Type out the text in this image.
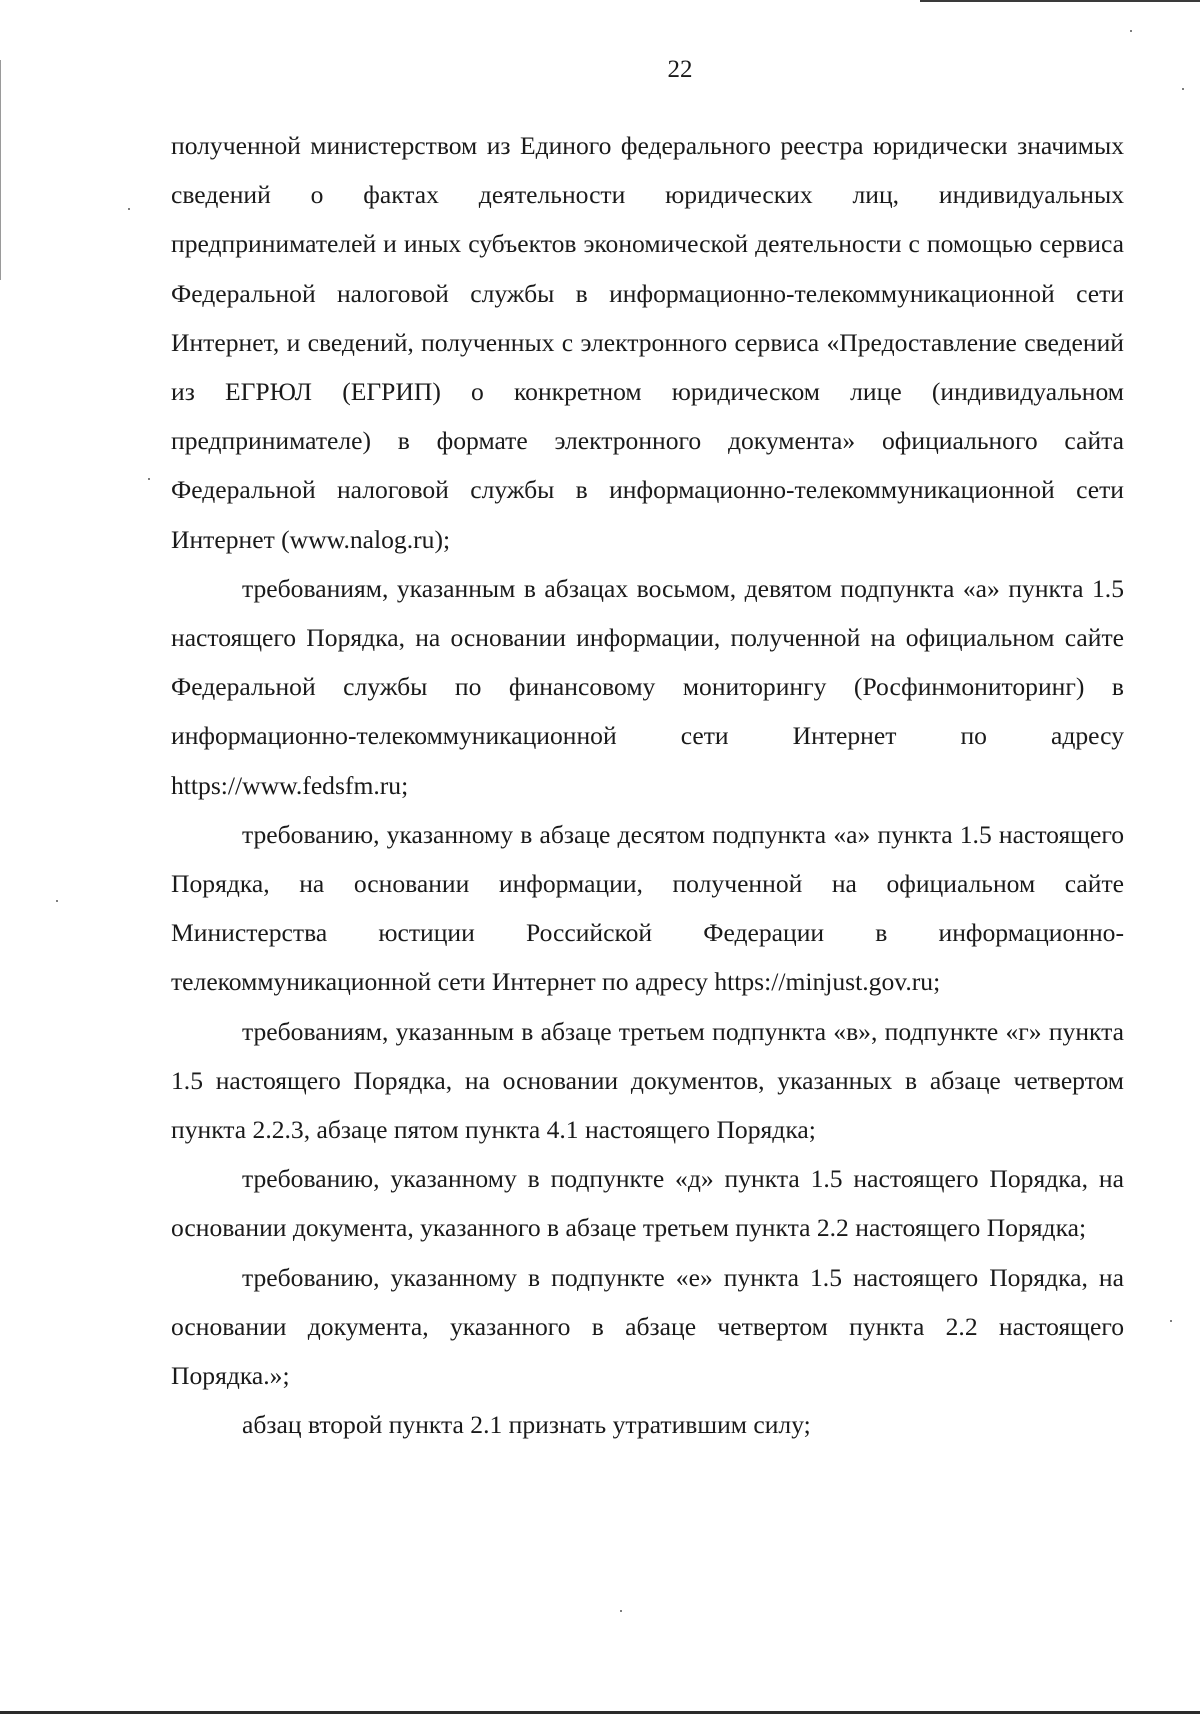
22

полученной министерством из Единого федерального реестра юридически значимых сведений о фактах деятельности юридических лиц, индивидуальных предпринимателей и иных субъектов экономической деятельности с помощью сервиса Федеральной налоговой службы в информационно-телекоммуникационной сети Интернет, и сведений, полученных с электронного сервиса «Предоставление сведений из ЕГРЮЛ (ЕГРИП) о конкретном юридическом лице (индивидуальном предпринимателе) в формате электронного документа» официального сайта Федеральной налоговой службы в информационно-телекоммуникационной сети Интернет (www.nalog.ru);

требованиям, указанным в абзацах восьмом, девятом подпункта «а» пункта 1.5 настоящего Порядка, на основании информации, полученной на официальном сайте Федеральной службы по финансовому мониторингу (Росфинмониторинг) в информационно-телекоммуникационной сети Интернет по адресу https://www.fedsfm.ru;

требованию, указанному в абзаце десятом подпункта «а» пункта 1.5 настоящего Порядка, на основании информации, полученной на официальном сайте Министерства юстиции Российской Федерации в информационно-телекоммуникационной сети Интернет по адресу https://minjust.gov.ru;

требованиям, указанным в абзаце третьем подпункта «в», подпункте «г» пункта 1.5 настоящего Порядка, на основании документов, указанных в абзаце четвертом пункта 2.2.3, абзаце пятом пункта 4.1 настоящего Порядка;

требованию, указанному в подпункте «д» пункта 1.5 настоящего Порядка, на основании документа, указанного в абзаце третьем пункта 2.2 настоящего Порядка;

требованию, указанному в подпункте «е» пункта 1.5 настоящего Порядка, на основании документа, указанного в абзаце четвертом пункта 2.2 настоящего Порядка.»;

абзац второй пункта 2.1 признать утратившим силу;
